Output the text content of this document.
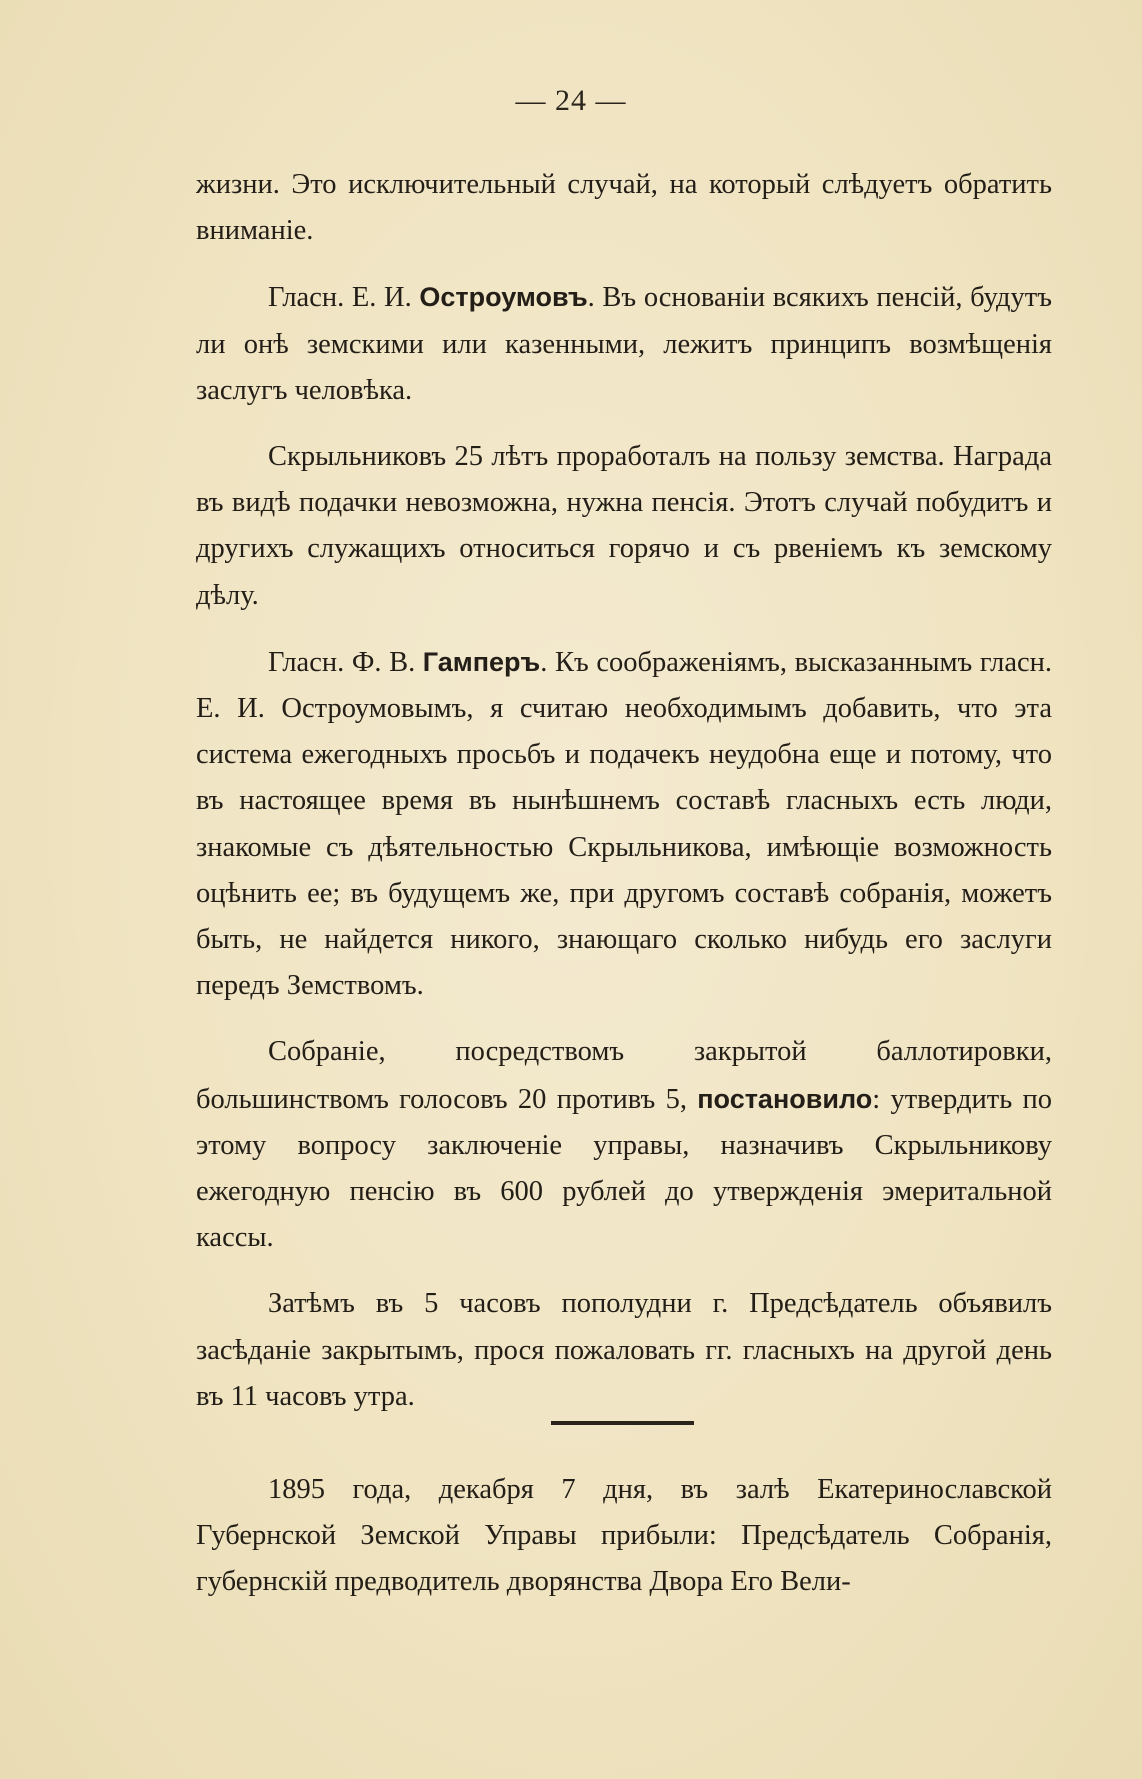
— 24 —

жизни. Это исключительный случай, на который слѣдуетъ обратить вниманіе.

Гласн. Е. И. Остроумовъ. Въ основаніи всякихъ пенсій, будутъ ли онѣ земскими или казенными, лежитъ принципъ возмѣщенія заслугъ человѣка.

Скрыльниковъ 25 лѣтъ проработалъ на пользу земства. Награда въ видѣ подачки невозможна, нужна пенсія. Этотъ случай побудитъ и другихъ служащихъ относиться горячо и съ рвеніемъ къ земскому дѣлу.

Гласн. Ф. В. Гамперъ. Къ соображеніямъ, высказаннымъ гласн. Е. И. Остроумовымъ, я считаю необходимымъ добавить, что эта система ежегодныхъ просьбъ и подачекъ неудобна еще и потому, что въ настоящее время въ нынѣшнемъ составѣ гласныхъ есть люди, знакомые съ дѣятельностью Скрыльникова, имѣющіе возможность оцѣнить ее; въ будущемъ же, при другомъ составѣ собранія, можетъ быть, не найдется никого, знающаго сколько нибудь его заслуги передъ Земствомъ.

Собраніе, посредствомъ закрытой баллотировки, большинствомъ голосовъ 20 противъ 5, постановило: утвердить по этому вопросу заключеніе управы, назначивъ Скрыльникову ежегодную пенсію въ 600 рублей до утвержденія эмеритальной кассы.

Затѣмъ въ 5 часовъ пополудни г. Предсѣдатель объявилъ засѣданіе закрытымъ, прося пожаловать гг. гласныхъ на другой день въ 11 часовъ утра.

1895 года, декабря 7 дня, въ залѣ Екатеринославской Губернской Земской Управы прибыли: Предсѣдатель Собранія, губернскій предводитель дворянства Двора Его Вели-
